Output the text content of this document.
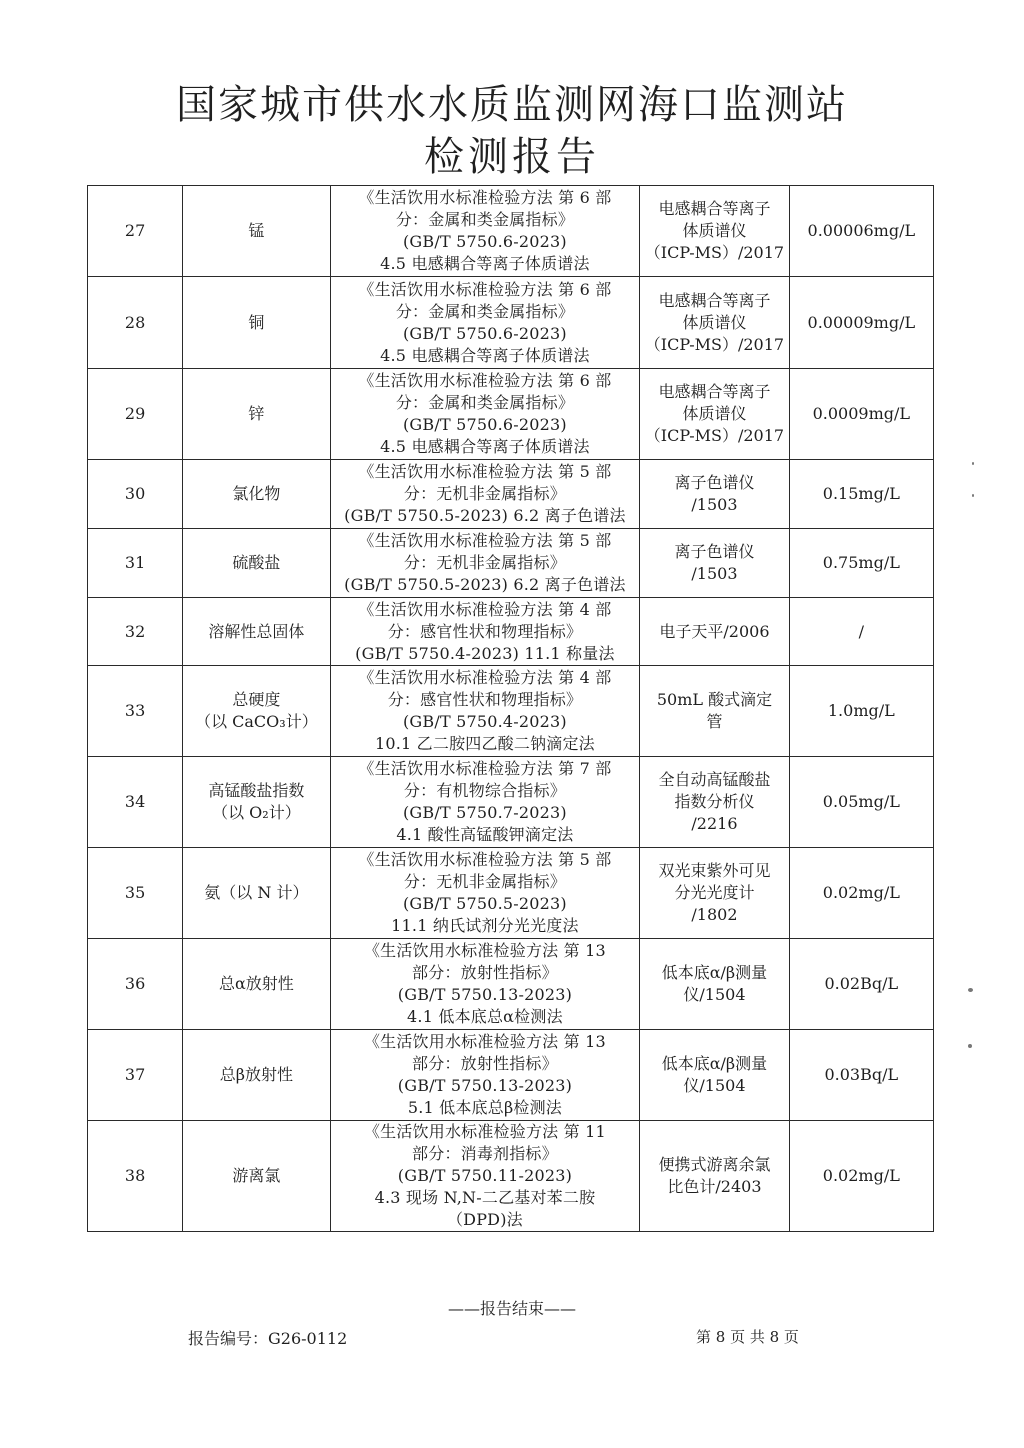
国家城市供水水质监测网海口监测站
检测报告
27	锰	《生活饮用水标准检验方法 第 6 部
分：金属和类金属指标》
(GB/T 5750.6-2023)
4.5 电感耦合等离子体质谱法	电感耦合等离子
体质谱仪
（ICP-MS）/2017	0.00006mg/L
28	铜	《生活饮用水标准检验方法 第 6 部
分：金属和类金属指标》
(GB/T 5750.6-2023)
4.5 电感耦合等离子体质谱法	电感耦合等离子
体质谱仪
（ICP-MS）/2017	0.00009mg/L
29	锌	《生活饮用水标准检验方法 第 6 部
分：金属和类金属指标》
(GB/T 5750.6-2023)
4.5 电感耦合等离子体质谱法	电感耦合等离子
体质谱仪
（ICP-MS）/2017	0.0009mg/L
30	氯化物	《生活饮用水标准检验方法 第 5 部
分：无机非金属指标》
(GB/T 5750.5-2023) 6.2 离子色谱法	离子色谱仪
/1503	0.15mg/L
31	硫酸盐	《生活饮用水标准检验方法 第 5 部
分：无机非金属指标》
(GB/T 5750.5-2023) 6.2 离子色谱法	离子色谱仪
/1503	0.75mg/L
32	溶解性总固体	《生活饮用水标准检验方法 第 4 部
分：感官性状和物理指标》
(GB/T 5750.4-2023) 11.1 称量法	电子天平/2006	/
33	总硬度
（以 CaCO₃计）	《生活饮用水标准检验方法 第 4 部
分：感官性状和物理指标》
(GB/T 5750.4-2023)
10.1 乙二胺四乙酸二钠滴定法	50mL 酸式滴定
管	1.0mg/L
34	高锰酸盐指数
（以 O₂计）	《生活饮用水标准检验方法 第 7 部
分：有机物综合指标》
(GB/T 5750.7-2023)
4.1 酸性高锰酸钾滴定法	全自动高锰酸盐
指数分析仪
/2216	0.05mg/L
35	氨（以 N 计）	《生活饮用水标准检验方法 第 5 部
分：无机非金属指标》
(GB/T 5750.5-2023)
11.1 纳氏试剂分光光度法	双光束紫外可见
分光光度计
/1802	0.02mg/L
36	总α放射性	《生活饮用水标准检验方法 第 13
部分：放射性指标》
(GB/T 5750.13-2023)
4.1 低本底总α检测法	低本底α/β测量
仪/1504	0.02Bq/L
37	总β放射性	《生活饮用水标准检验方法 第 13
部分：放射性指标》
(GB/T 5750.13-2023)
5.1 低本底总β检测法	低本底α/β测量
仪/1504	0.03Bq/L
38	游离氯	《生活饮用水标准检验方法 第 11
部分：消毒剂指标》
(GB/T 5750.11-2023)
4.3 现场 N,N-二乙基对苯二胺
（DPD)法	便携式游离余氯
比色计/2403	0.02mg/L
——报告结束——
报告编号：G26-0112	第 8 页 共 8 页
